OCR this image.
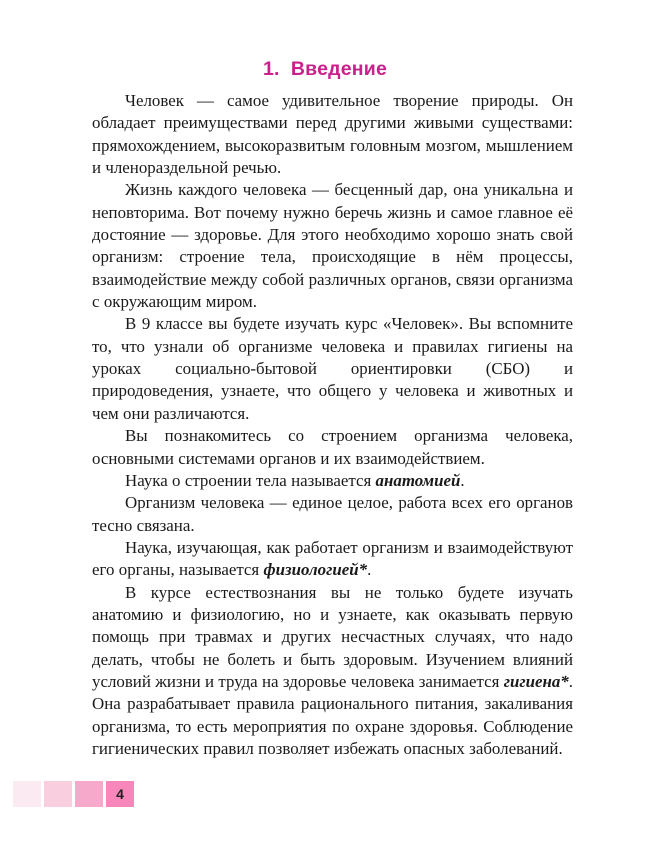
1.  Введение

Человек — самое удивительное творение природы. Он обладает преимуществами перед другими живыми существами: прямохождением, высокоразвитым головным мозгом, мышлением и членораздельной речью.

Жизнь каждого человека — бесценный дар, она уникальна и неповторима. Вот почему нужно беречь жизнь и самое главное её достояние — здоровье. Для этого необходимо хорошо знать свой организм: строение тела, происходящие в нём процессы, взаимодействие между собой различных органов, связи организма с окружающим миром.

В 9 классе вы будете изучать курс «Человек». Вы вспомните то, что узнали об организме человека и правилах гигиены на уроках социально-бытовой ориентировки (СБО) и природоведения, узнаете, что общего у человека и животных и чем они различаются.

Вы познакомитесь со строением организма человека, основными системами органов и их взаимодействием.

Наука о строении тела называется анатомией.

Организм человека — единое целое, работа всех его органов тесно связана.

Наука, изучающая, как работает организм и взаимодействуют его органы, называется физиологией*.

В курсе естествознания вы не только будете изучать анатомию и физиологию, но и узнаете, как оказывать первую помощь при травмах и других несчастных случаях, что надо делать, чтобы не болеть и быть здоровым. Изучением влияний условий жизни и труда на здоровье человека занимается гигиена*. Она разрабатывает правила рационального питания, закаливания организма, то есть мероприятия по охране здоровья. Соблюдение гигиенических правил позволяет избежать опасных заболеваний.

4
